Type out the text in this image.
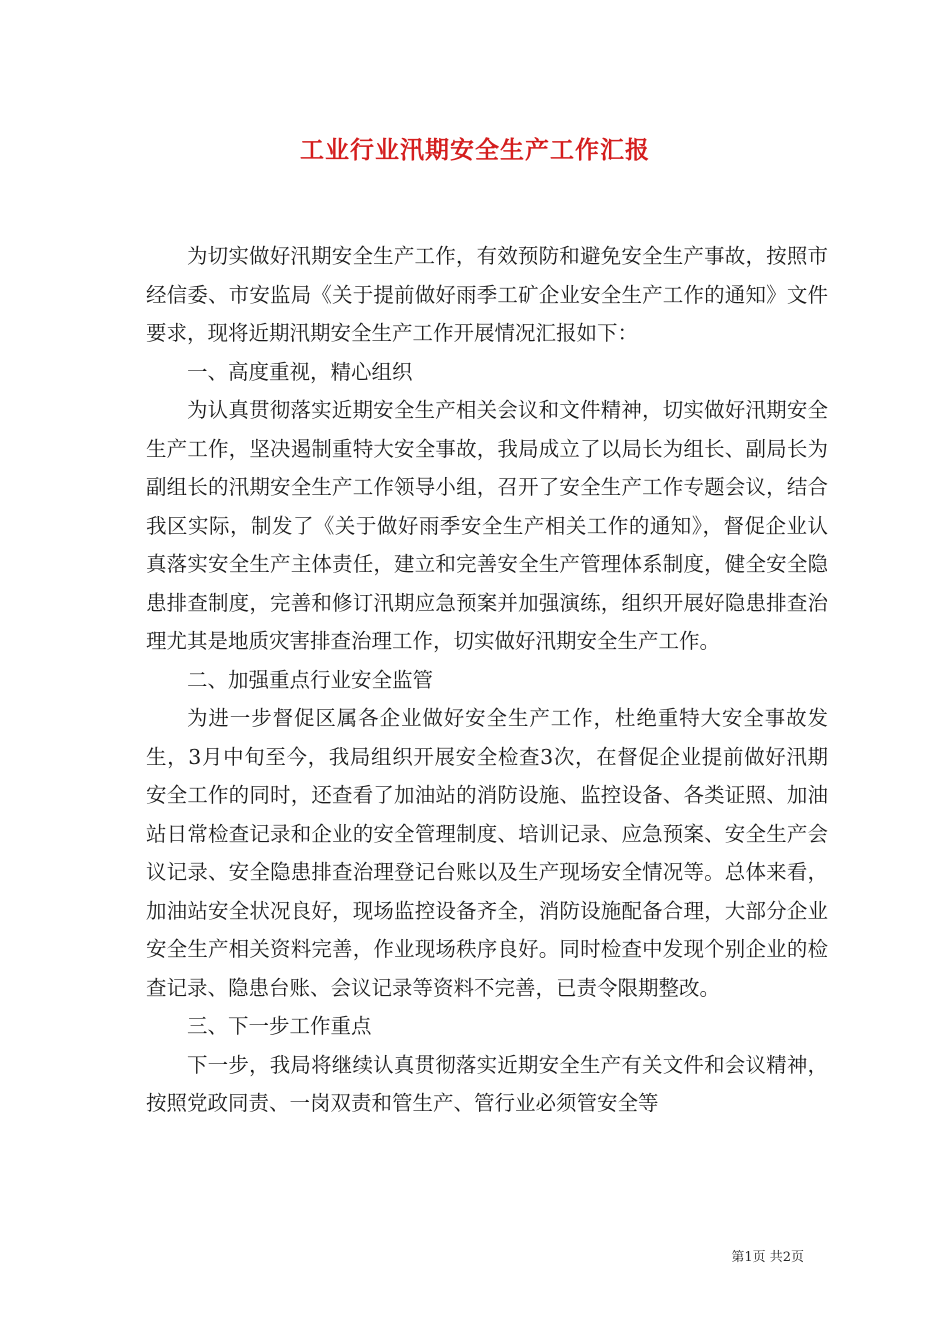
工业行业汛期安全生产工作汇报

为切实做好汛期安全生产工作，有效预防和避免安全生产事故，按照市经信委、市安监局《关于提前做好雨季工矿企业安全生产工作的通知》文件要求，现将近期汛期安全生产工作开展情况汇报如下：

一、高度重视，精心组织

为认真贯彻落实近期安全生产相关会议和文件精神，切实做好汛期安全生产工作，坚决遏制重特大安全事故，我局成立了以局长为组长、副局长为副组长的汛期安全生产工作领导小组，召开了安全生产工作专题会议，结合我区实际，制发了《关于做好雨季安全生产相关工作的通知》，督促企业认真落实安全生产主体责任，建立和完善安全生产管理体系制度，健全安全隐患排查制度，完善和修订汛期应急预案并加强演练，组织开展好隐患排查治理尤其是地质灾害排查治理工作，切实做好汛期安全生产工作。

二、加强重点行业安全监管

为进一步督促区属各企业做好安全生产工作，杜绝重特大安全事故发生，3月中旬至今，我局组织开展安全检查3次，在督促企业提前做好汛期安全工作的同时，还查看了加油站的消防设施、监控设备、各类证照、加油站日常检查记录和企业的安全管理制度、培训记录、应急预案、安全生产会议记录、安全隐患排查治理登记台账以及生产现场安全情况等。总体来看，加油站安全状况良好，现场监控设备齐全，消防设施配备合理，大部分企业安全生产相关资料完善，作业现场秩序良好。同时检查中发现个别企业的检查记录、隐患台账、会议记录等资料不完善，已责令限期整改。

三、下一步工作重点

下一步，我局将继续认真贯彻落实近期安全生产有关文件和会议精神，按照党政同责、一岗双责和管生产、管行业必须管安全等

第1页 共2页
